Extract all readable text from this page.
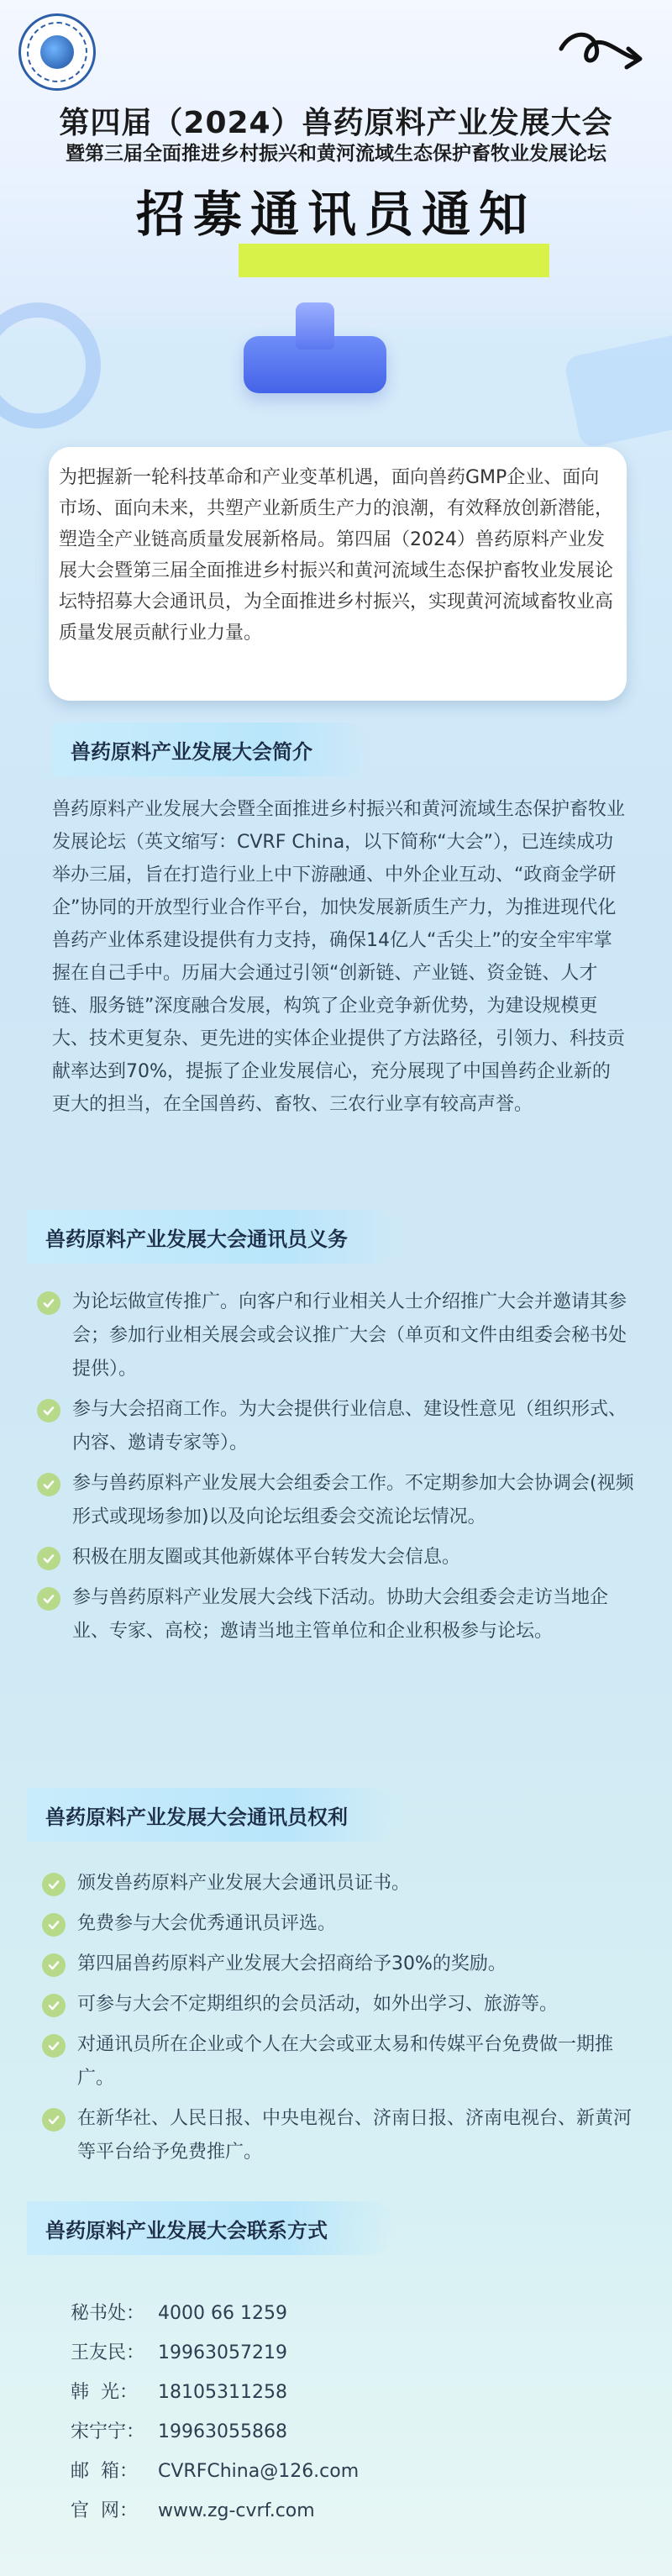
第四届（2024）兽药原料产业发展大会
暨第三届全面推进乡村振兴和黄河流域生态保护畜牧业发展论坛
招募通讯员通知

为把握新一轮科技革命和产业变革机遇，面向兽药GMP企业、面向市场、面向未来，共塑产业新质生产力的浪潮，有效释放创新潜能，塑造全产业链高质量发展新格局。第四届（2024）兽药原料产业发展大会暨第三届全面推进乡村振兴和黄河流域生态保护畜牧业发展论坛特招募大会通讯员，为全面推进乡村振兴，实现黄河流域畜牧业高质量发展贡献行业力量。

兽药原料产业发展大会简介
兽药原料产业发展大会暨全面推进乡村振兴和黄河流域生态保护畜牧业发展论坛（英文缩写：CVRF China，以下简称“大会”），已连续成功举办三届，旨在打造行业上中下游融通、中外企业互动、“政商金学研企”协同的开放型行业合作平台，加快发展新质生产力，为推进现代化兽药产业体系建设提供有力支持，确保14亿人“舌尖上”的安全牢牢掌握在自己手中。历届大会通过引领“创新链、产业链、资金链、人才链、服务链”深度融合发展，构筑了企业竞争新优势，为建设规模更大、技术更复杂、更先进的实体企业提供了方法路径，引领力、科技贡献率达到70%，提振了企业发展信心，充分展现了中国兽药企业新的更大的担当，在全国兽药、畜牧、三农行业享有较高声誉。
兽药原料产业发展大会通讯员义务
为论坛做宣传推广。向客户和行业相关人士介绍推广大会并邀请其参会；参加行业相关展会或会议推广大会（单页和文件由组委会秘书处提供）。
参与大会招商工作。为大会提供行业信息、建设性意见（组织形式、内容、邀请专家等）。
参与兽药原料产业发展大会组委会工作。不定期参加大会协调会(视频形式或现场参加)以及向论坛组委会交流论坛情况。
积极在朋友圈或其他新媒体平台转发大会信息。
参与兽药原料产业发展大会线下活动。协助大会组委会走访当地企业、专家、高校；邀请当地主管单位和企业积极参与论坛。
兽药原料产业发展大会通讯员权利
颁发兽药原料产业发展大会通讯员证书。
免费参与大会优秀通讯员评选。
第四届兽药原料产业发展大会招商给予30%的奖励。
可参与大会不定期组织的会员活动，如外出学习、旅游等。
对通讯员所在企业或个人在大会或亚太易和传媒平台免费做一期推广。
在新华社、人民日报、中央电视台、济南日报、济南电视台、新黄河等平台给予免费推广。
兽药原料产业发展大会联系方式
秘书处： 4000 66 1259
王友民： 19963057219
韩  光：	18105311258
宋宁宁： 19963055868
邮  箱：	CVRFChina@126.com
官  网：	www.zg-cvrf.com
